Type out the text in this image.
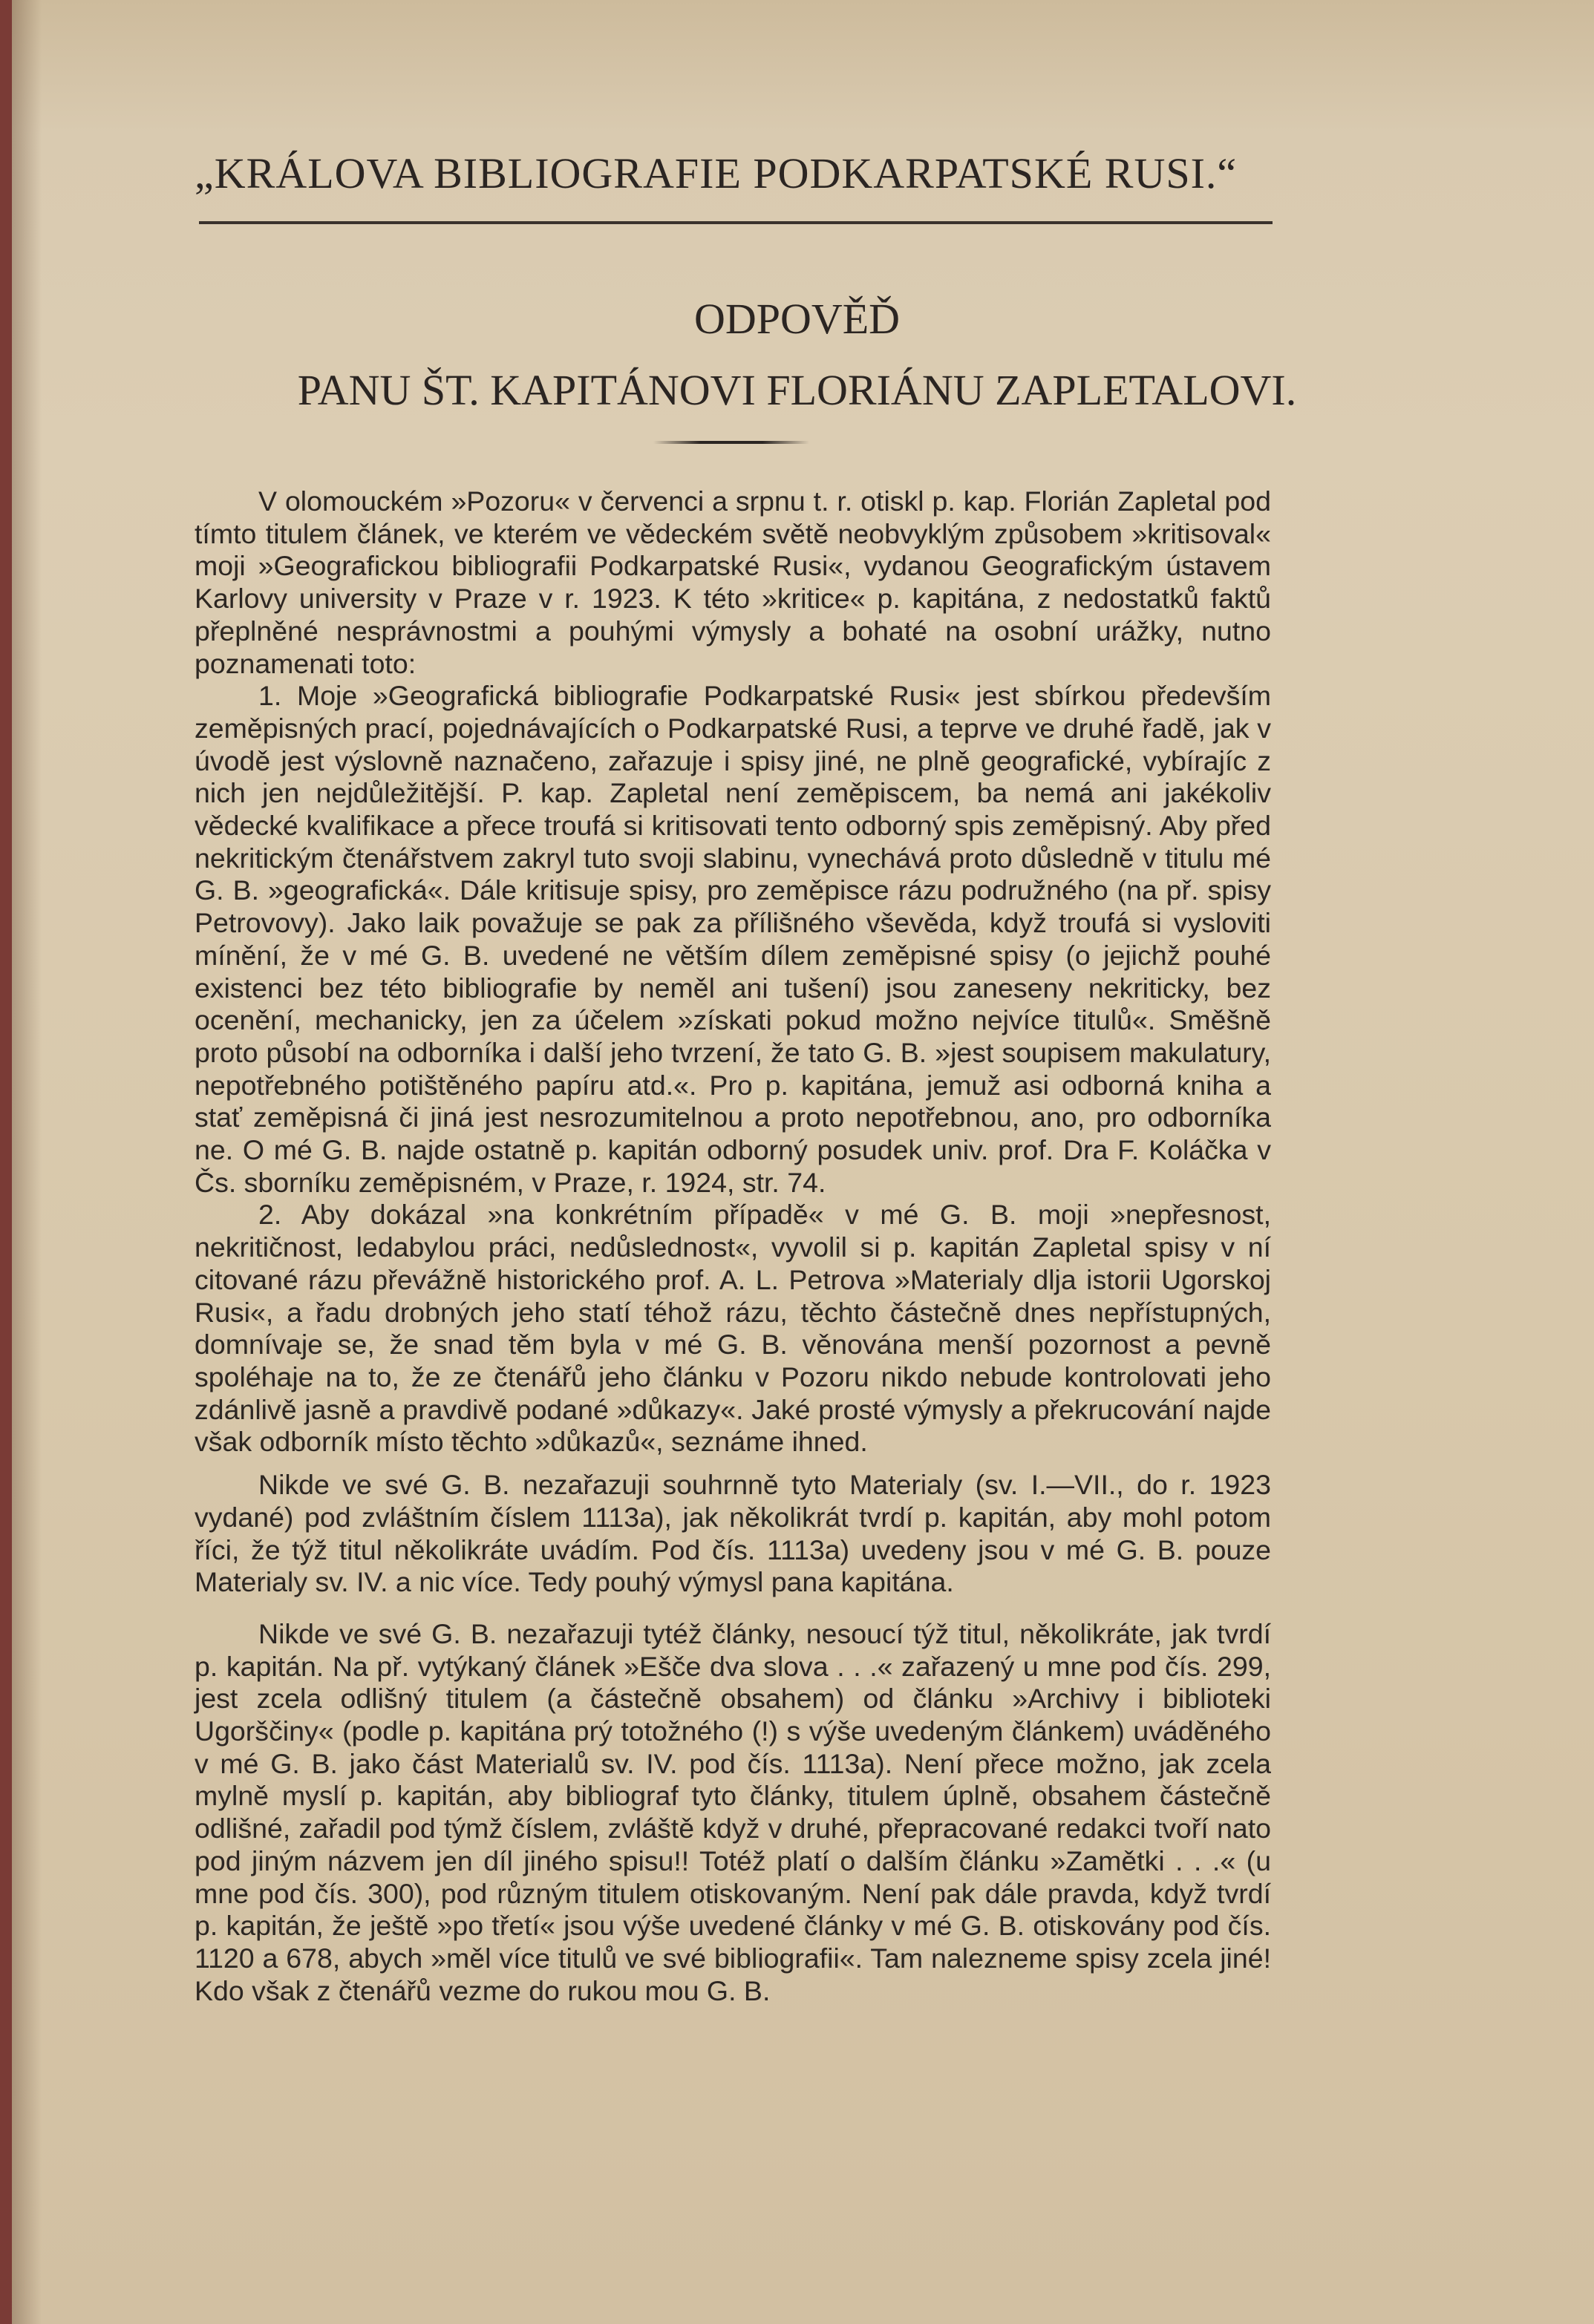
„KRÁLOVA BIBLIOGRAFIE PODKARPATSKÉ RUSI.“
ODPOVĚĎ
PANU ŠT. KAPITÁNOVI FLORIÁNU ZAPLETALOVI.

V olomouckém »Pozoru« v červenci a srpnu t. r. otiskl p. kap. Florián Zapletal pod tímto titulem článek, ve kterém ve vědeckém světě neobvyklým způsobem »kritisoval« moji »Geografickou bibliografii Podkarpatské Rusi«, vydanou Geografickým ústavem Karlovy university v Praze v r. 1923. K této »kritice« p. kapitána, z nedostatků faktů přeplněné nesprávnostmi a pouhými výmysly a bohaté na osobní urážky, nutno poznamenati toto:

1. Moje »Geografická bibliografie Podkarpatské Rusi« jest sbírkou především zeměpisných prací, pojednávajících o Podkarpatské Rusi, a teprve ve druhé řadě, jak v úvodě jest výslovně naznačeno, zařazuje i spisy jiné, ne plně geografické, vybírajíc z nich jen nejdůležitější. P. kap. Zapletal není zeměpiscem, ba nemá ani jakékoliv vědecké kvalifikace a přece troufá si kritisovati tento odborný spis zeměpisný. Aby před nekritickým čtenářstvem zakryl tuto svoji slabinu, vynechává proto důsledně v titulu mé G. B. »geografická«. Dále kritisuje spisy, pro zeměpisce rázu podružného (na př. spisy Petrovovy). Jako laik považuje se pak za přílišného vševěda, když troufá si vysloviti mínění, že v mé G. B. uvedené ne větším dílem zeměpisné spisy (o jejichž pouhé existenci bez této bibliografie by neměl ani tušení) jsou zaneseny nekriticky, bez ocenění, mechanicky, jen za účelem »získati pokud možno nejvíce titulů«. Směšně proto působí na odborníka i další jeho tvrzení, že tato G. B. »jest soupisem makulatury, nepotřebného potištěného papíru atd.«. Pro p. kapitána, jemuž asi odborná kniha a stať zeměpisná či jiná jest nesrozumitelnou a proto nepotřebnou, ano, pro odborníka ne. O mé G. B. najde ostatně p. kapitán odborný posudek univ. prof. Dra F. Koláčka v Čs. sborníku zeměpisném, v Praze, r. 1924, str. 74.

2. Aby dokázal »na konkrétním případě« v mé G. B. moji »nepřesnost, nekritičnost, ledabylou práci, nedůslednost«, vyvolil si p. kapitán Zapletal spisy v ní citované rázu převážně historického prof. A. L. Petrova »Materialy dlja istorii Ugorskoj Rusi«, a řadu drobných jeho statí téhož rázu, těchto částečně dnes nepřístupných, domnívaje se, že snad těm byla v mé G. B. věnována menší pozornost a pevně spoléhaje na to, že ze čtenářů jeho článku v Pozoru nikdo nebude kontrolovati jeho zdánlivě jasně a pravdivě podané »důkazy«. Jaké prosté výmysly a překrucování najde však odborník místo těchto »důkazů«, seznáme ihned.

Nikde ve své G. B. nezařazuji souhrnně tyto Materialy (sv. I.—VII., do r. 1923 vydané) pod zvláštním číslem 1113a), jak několikrát tvrdí p. kapitán, aby mohl potom říci, že týž titul několikráte uvádím. Pod čís. 1113a) uvedeny jsou v mé G. B. pouze Materialy sv. IV. a nic více. Tedy pouhý výmysl pana kapitána.

Nikde ve své G. B. nezařazuji tytéž články, nesoucí týž titul, několikráte, jak tvrdí p. kapitán. Na př. vytýkaný článek »Ešče dva slova . . .« zařazený u mne pod čís. 299, jest zcela odlišný titulem (a částečně obsahem) od článku »Archivy i biblioteki Ugorščiny« (podle p. kapitána prý totožného (!) s výše uvedeným článkem) uváděného v mé G. B. jako část Materialů sv. IV. pod čís. 1113a). Není přece možno, jak zcela mylně myslí p. kapitán, aby bibliograf tyto články, titulem úplně, obsahem částečně odlišné, zařadil pod týmž číslem, zvláště když v druhé, přepracované redakci tvoří nato pod jiným názvem jen díl jiného spisu!! Totéž platí o dalším článku »Zamětki . . .« (u mne pod čís. 300), pod různým titulem otiskovaným. Není pak dále pravda, když tvrdí p. kapitán, že ještě »po třetí« jsou výše uvedené články v mé G. B. otiskovány pod čís. 1120 a 678, abych »měl více titulů ve své bibliografii«. Tam nalezneme spisy zcela jiné! Kdo však z čtenářů vezme do rukou mou G. B.
